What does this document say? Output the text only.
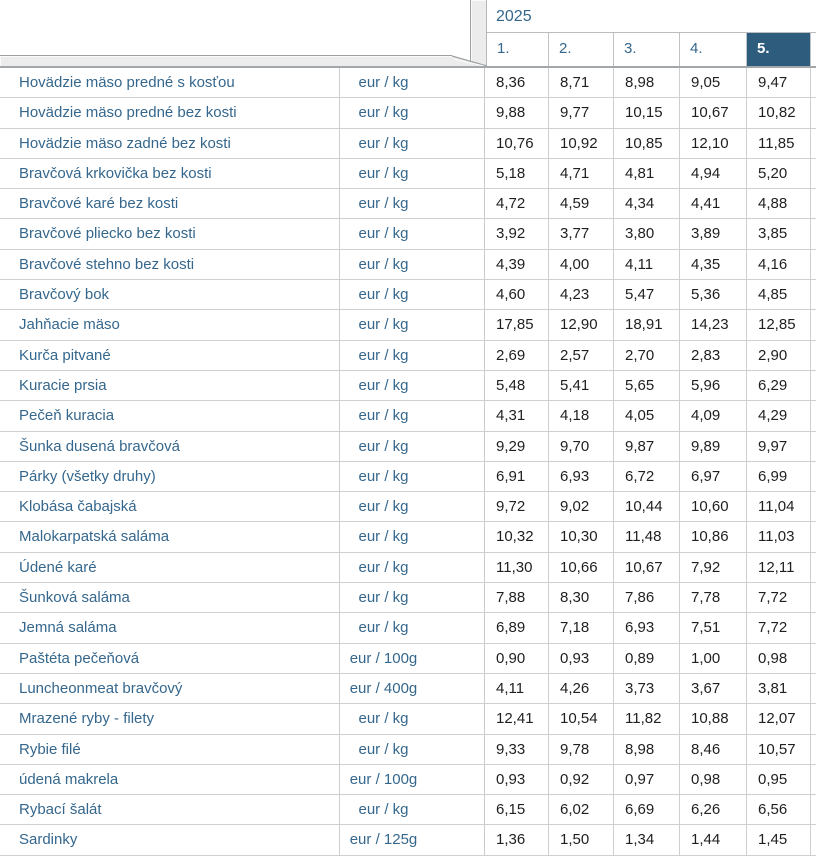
2025
1.	2.	3.	4.	5.
Hovädzie mäso predné s kosťou	eur / kg	8,36	8,71	8,98	9,05	9,47
Hovädzie mäso predné bez kosti	eur / kg	9,88	9,77	10,15	10,67	10,82
Hovädzie mäso zadné bez kosti	eur / kg	10,76	10,92	10,85	12,10	11,85
Bravčová krkovička bez kosti	eur / kg	5,18	4,71	4,81	4,94	5,20
Bravčové karé bez kosti	eur / kg	4,72	4,59	4,34	4,41	4,88
Bravčové pliecko bez kosti	eur / kg	3,92	3,77	3,80	3,89	3,85
Bravčové stehno bez kosti	eur / kg	4,39	4,00	4,11	4,35	4,16
Bravčový bok	eur / kg	4,60	4,23	5,47	5,36	4,85
Jahňacie mäso	eur / kg	17,85	12,90	18,91	14,23	12,85
Kurča pitvané	eur / kg	2,69	2,57	2,70	2,83	2,90
Kuracie prsia	eur / kg	5,48	5,41	5,65	5,96	6,29
Pečeň kuracia	eur / kg	4,31	4,18	4,05	4,09	4,29
Šunka dusená bravčová	eur / kg	9,29	9,70	9,87	9,89	9,97
Párky (všetky druhy)	eur / kg	6,91	6,93	6,72	6,97	6,99
Klobása čabajská	eur / kg	9,72	9,02	10,44	10,60	11,04
Malokarpatská saláma	eur / kg	10,32	10,30	11,48	10,86	11,03
Údené karé	eur / kg	11,30	10,66	10,67	7,92	12,11
Šunková saláma	eur / kg	7,88	8,30	7,86	7,78	7,72
Jemná saláma	eur / kg	6,89	7,18	6,93	7,51	7,72
Paštéta pečeňová	eur / 100g	0,90	0,93	0,89	1,00	0,98
Luncheonmeat bravčový	eur / 400g	4,11	4,26	3,73	3,67	3,81
Mrazené ryby - filety	eur / kg	12,41	10,54	11,82	10,88	12,07
Rybie filé	eur / kg	9,33	9,78	8,98	8,46	10,57
údená makrela	eur / 100g	0,93	0,92	0,97	0,98	0,95
Rybací šalát	eur / kg	6,15	6,02	6,69	6,26	6,56
Sardinky	eur / 125g	1,36	1,50	1,34	1,44	1,45
